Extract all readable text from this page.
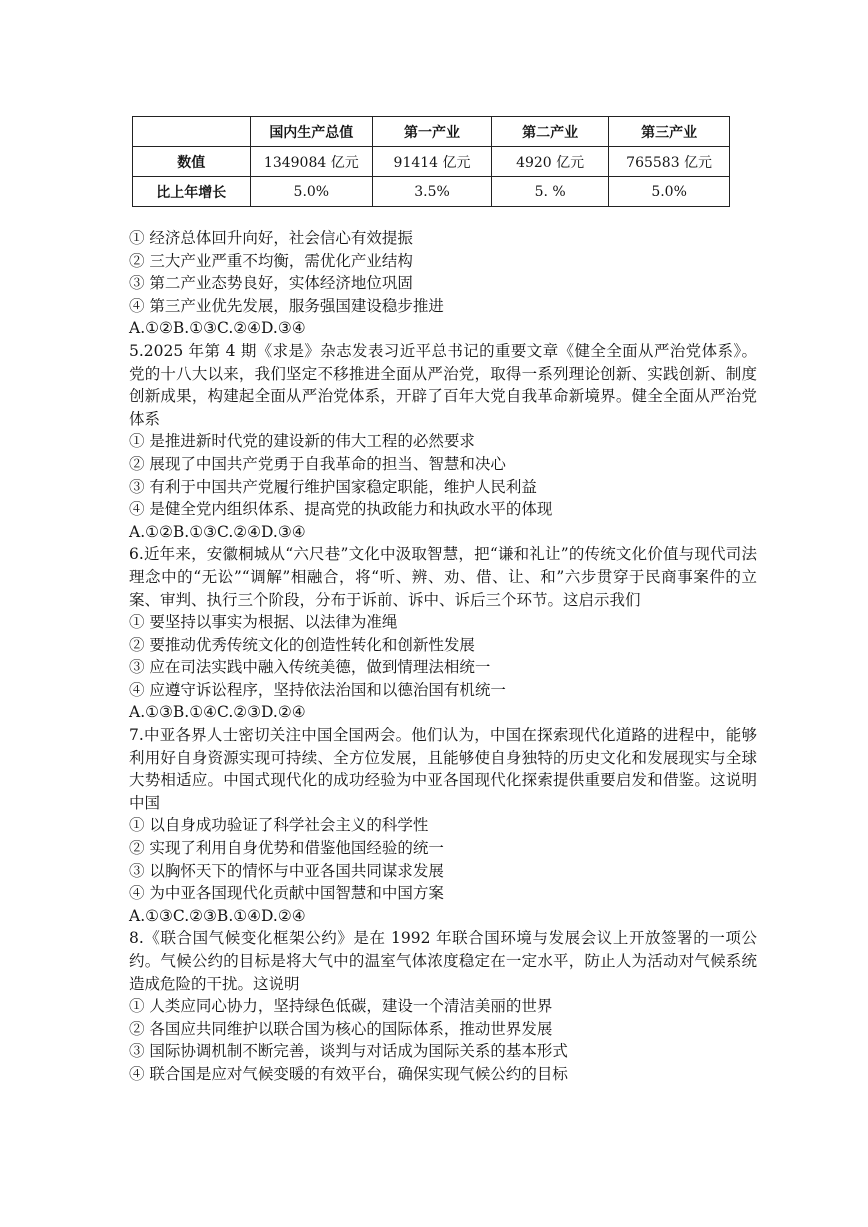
	国内生产总值	第一产业	第二产业	第三产业
数值	1349084 亿元	91414 亿元	4920 亿元	765583 亿元
比上年增长	5.0%	3.5%	5. %	5.0%

① 经济总体回升向好，社会信心有效提振

② 三大产业严重不均衡，需优化产业结构

③ 第二产业态势良好，实体经济地位巩固

④ 第三产业优先发展，服务强国建设稳步推进

A.①②B.①③C.②④D.③④

5.2025 年第 4 期《求是》杂志发表习近平总书记的重要文章《健全全面从严治党体系》。党的十八大以来，我们坚定不移推进全面从严治党，取得一系列理论创新、实践创新、制度创新成果，构建起全面从严治党体系，开辟了百年大党自我革命新境界。健全全面从严治党体系

① 是推进新时代党的建设新的伟大工程的必然要求

② 展现了中国共产党勇于自我革命的担当、智慧和决心

③ 有利于中国共产党履行维护国家稳定职能，维护人民利益

④ 是健全党内组织体系、提高党的执政能力和执政水平的体现

A.①②B.①③C.②④D.③④

6.近年来，安徽桐城从“六尺巷”文化中汲取智慧，把“谦和礼让”的传统文化价值与现代司法理念中的“无讼”“调解”相融合，将“听、辨、劝、借、让、和”六步贯穿于民商事案件的立案、审判、执行三个阶段，分布于诉前、诉中、诉后三个环节。这启示我们

① 要坚持以事实为根据、以法律为准绳

② 要推动优秀传统文化的创造性转化和创新性发展

③ 应在司法实践中融入传统美德，做到情理法相统一

④ 应遵守诉讼程序，坚持依法治国和以德治国有机统一

A.①③B.①④C.②③D.②④

7.中亚各界人士密切关注中国全国两会。他们认为，中国在探索现代化道路的进程中，能够利用好自身资源实现可持续、全方位发展，且能够使自身独特的历史文化和发展现实与全球大势相适应。中国式现代化的成功经验为中亚各国现代化探索提供重要启发和借鉴。这说明中国

① 以自身成功验证了科学社会主义的科学性

② 实现了利用自身优势和借鉴他国经验的统一

③ 以胸怀天下的情怀与中亚各国共同谋求发展

④ 为中亚各国现代化贡献中国智慧和中国方案

A.①③C.②③B.①④D.②④

8.《联合国气候变化框架公约》是在 1992 年联合国环境与发展会议上开放签署的一项公约。气候公约的目标是将大气中的温室气体浓度稳定在一定水平，防止人为活动对气候系统造成危险的干扰。这说明

① 人类应同心协力，坚持绿色低碳，建设一个清洁美丽的世界

② 各国应共同维护以联合国为核心的国际体系，推动世界发展

③ 国际协调机制不断完善，谈判与对话成为国际关系的基本形式

④ 联合国是应对气候变暖的有效平台，确保实现气候公约的目标
